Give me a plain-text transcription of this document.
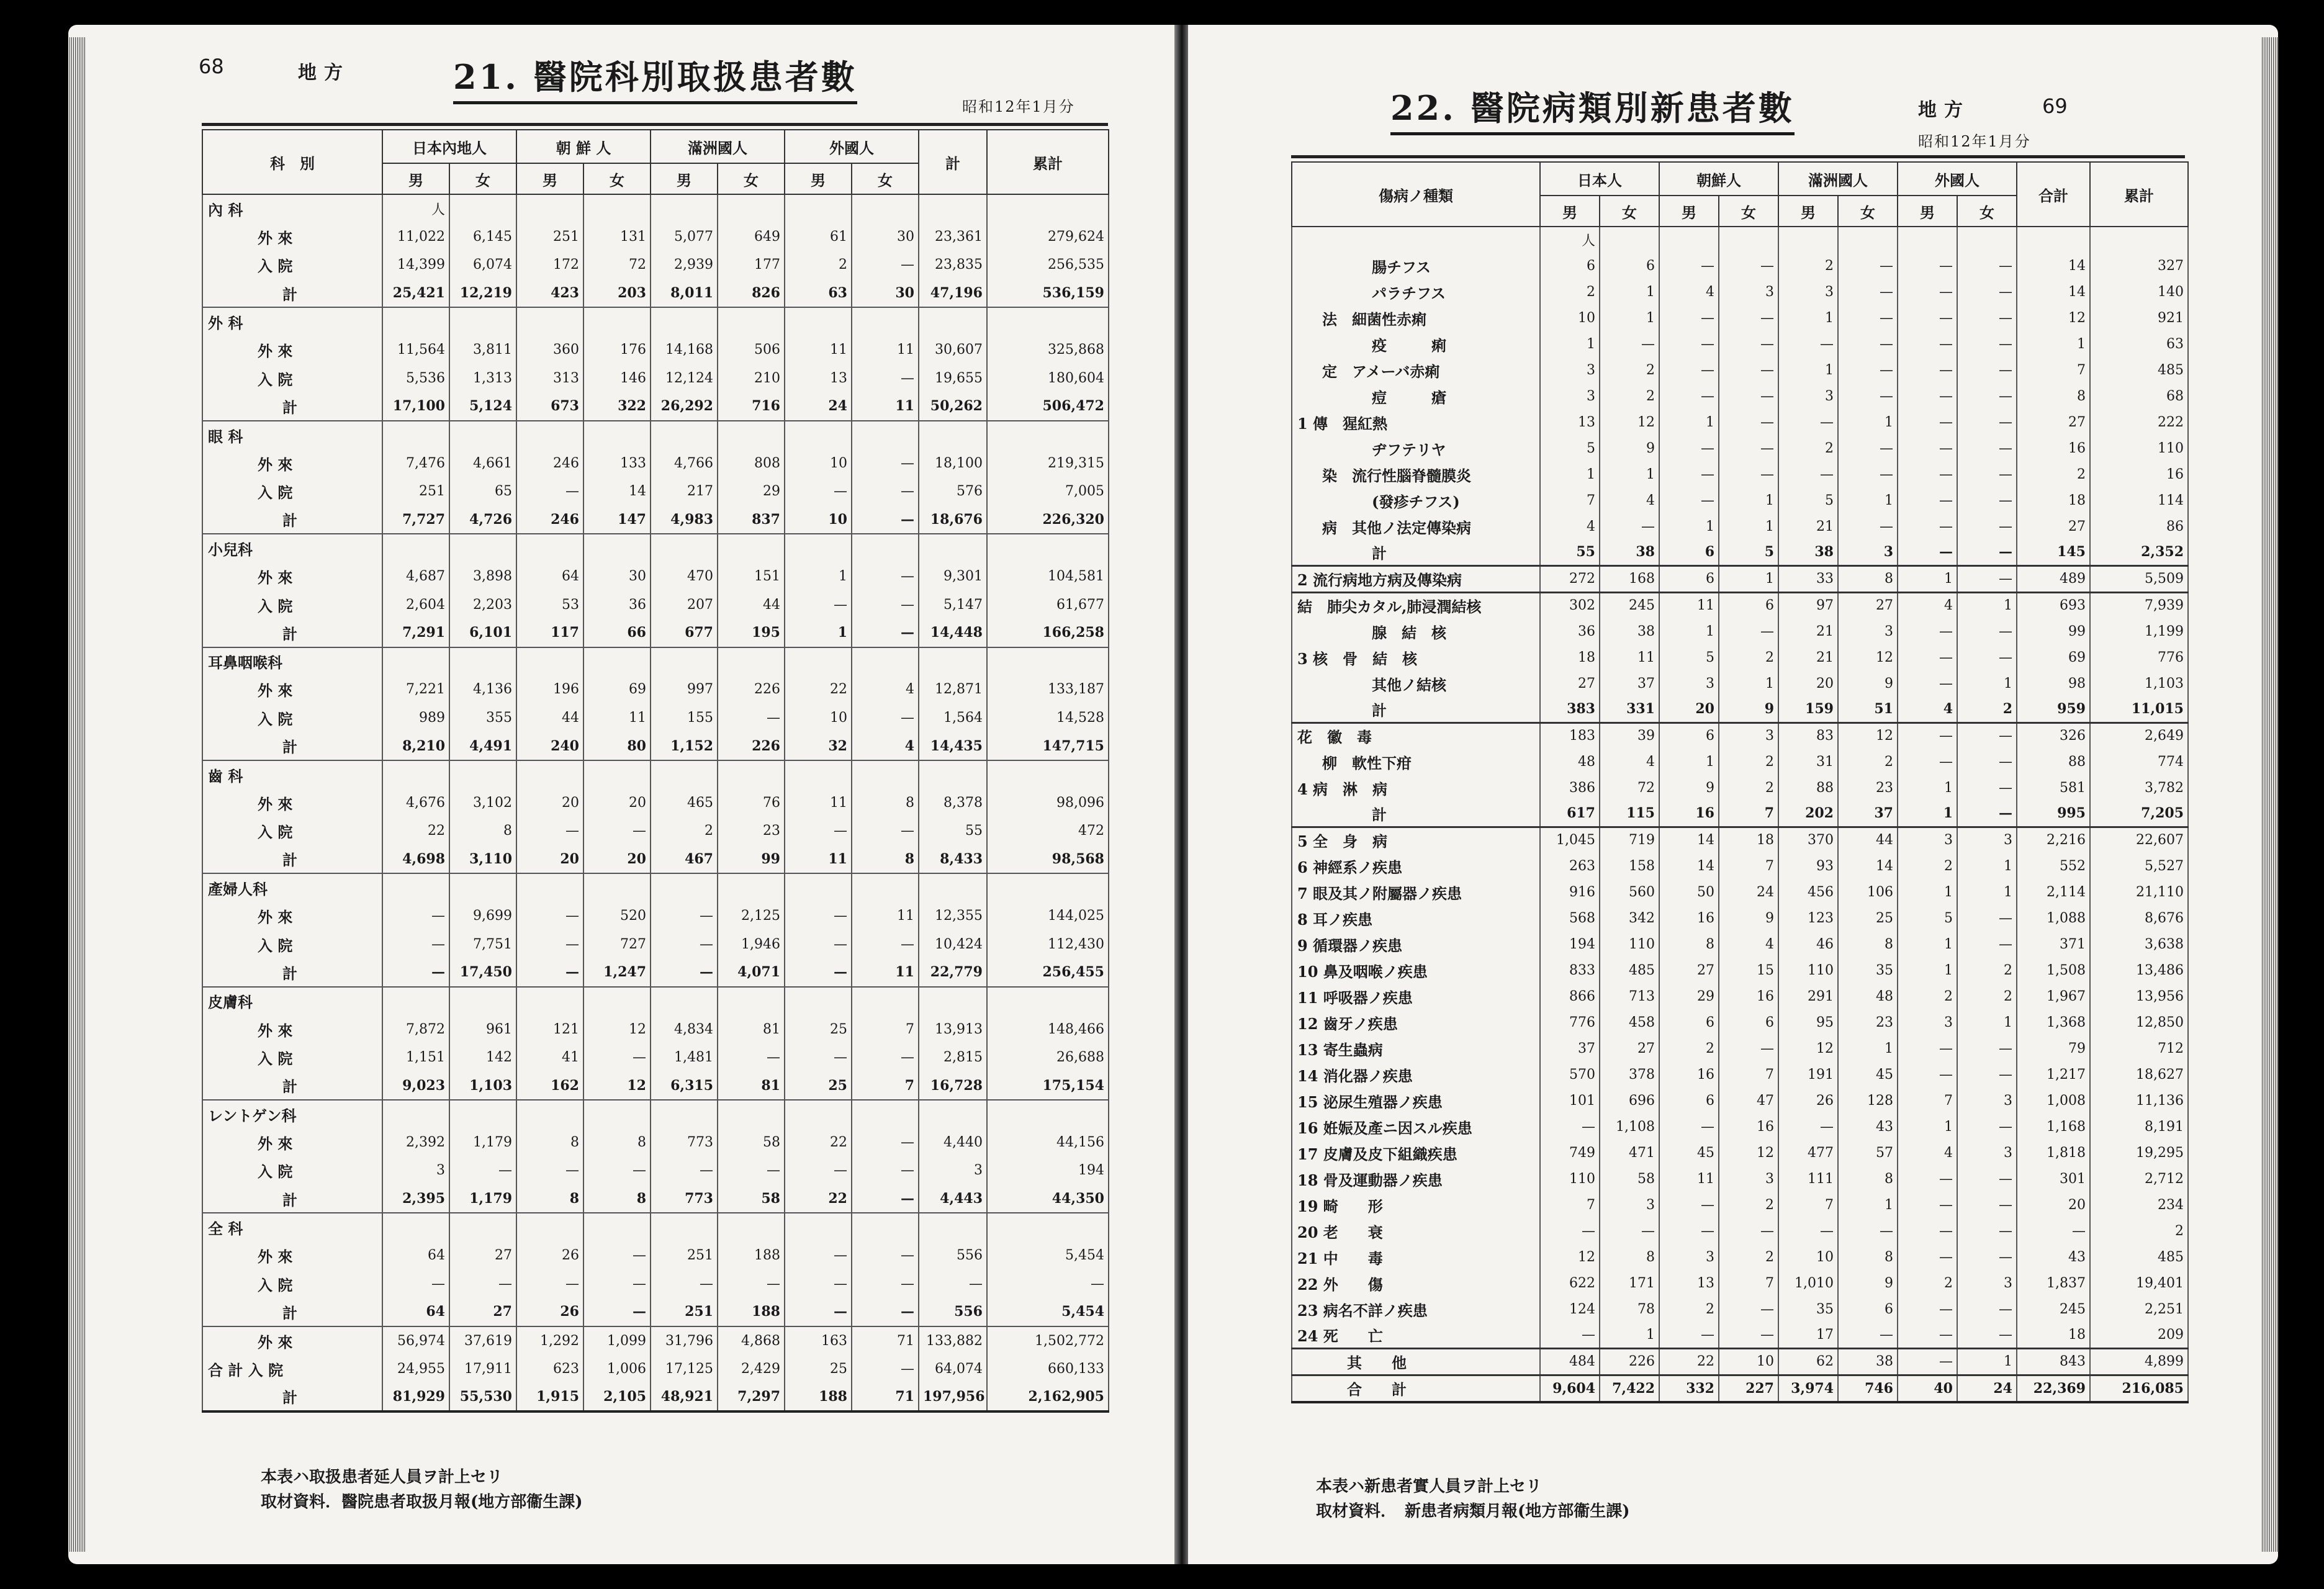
68	地方	21. 醫院科別取扱患者數
昭和12年1月分
科　別	日本內地人		朝 鮮 人		滿洲國人		外國人		計	累計
	男	女	男	女	男	女	男	女		
內 科	人									
外 來	11,022	6,145	251	131	5,077	649	61	30	23,361	279,624
入 院	14,399	6,074	172	72	2,939	177	2	—	23,835	256,535
計	25,421	12,219	423	203	8,011	826	63	30	47,196	536,159
外 科										
外 來	11,564	3,811	360	176	14,168	506	11	11	30,607	325,868
入 院	5,536	1,313	313	146	12,124	210	13	—	19,655	180,604
計	17,100	5,124	673	322	26,292	716	24	11	50,262	506,472
眼 科										
外 來	7,476	4,661	246	133	4,766	808	10	—	18,100	219,315
入 院	251	65	—	14	217	29	—	—	576	7,005
計	7,727	4,726	246	147	4,983	837	10	—	18,676	226,320
小兒科										
外 來	4,687	3,898	64	30	470	151	1	—	9,301	104,581
入 院	2,604	2,203	53	36	207	44	—	—	5,147	61,677
計	7,291	6,101	117	66	677	195	1	—	14,448	166,258
耳鼻咽喉科										
外 來	7,221	4,136	196	69	997	226	22	4	12,871	133,187
入 院	989	355	44	11	155	—	10	—	1,564	14,528
計	8,210	4,491	240	80	1,152	226	32	4	14,435	147,715
齒 科										
外 來	4,676	3,102	20	20	465	76	11	8	8,378	98,096
入 院	22	8	—	—	2	23	—	—	55	472
計	4,698	3,110	20	20	467	99	11	8	8,433	98,568
產婦人科										
外 來	—	9,699	—	520	—	2,125	—	11	12,355	144,025
入 院	—	7,751	—	727	—	1,946	—	—	10,424	112,430
計	—	17,450	—	1,247	—	4,071	—	11	22,779	256,455
皮膚科										
外 來	7,872	961	121	12	4,834	81	25	7	13,913	148,466
入 院	1,151	142	41	—	1,481	—	—	—	2,815	26,688
計	9,023	1,103	162	12	6,315	81	25	7	16,728	175,154
レントゲン科										
外 來	2,392	1,179	8	8	773	58	22	—	4,440	44,156
入 院	3	—	—	—	—	—	—	—	3	194
計	2,395	1,179	8	8	773	58	22	—	4,443	44,350
全 科										
外 來	64	27	26	—	251	188	—	—	556	5,454
入 院	—	—	—	—	—	—	—	—	—	—
計	64	27	26	—	251	188	—	—	556	5,454
外 來	56,974	37,619	1,292	1,099	31,796	4,868	163	71	133,882	1,502,772
合 計 入 院	24,955	17,911	623	1,006	17,125	2,429	25	—	64,074	660,133
計	81,929	55,530	1,915	2,105	48,921	7,297	188	71	197,956	2,162,905
本表ハ取扱患者延人員ヲ計上セリ
取材資料．醫院患者取扱月報(地方部衞生課)
22. 醫院病類別新患者數	地方	69
昭和12年1月分
傷病ノ種類	日本人		朝鮮人		滿洲國人		外國人		合計	累計
	男	女	男	女	男	女	男	女		
	人									
腸チフス	6	6	—	—	2	—	—	—	14	327
パラチフス	2	1	4	3	3	—	—	—	14	140
法　細菌性赤痢	10	1	—	—	1	—	—	—	12	921
疫　　　痢	1	—	—	—	—	—	—	—	1	63
定　アメーバ赤痢	3	2	—	—	1	—	—	—	7	485
痘　　　瘡	3	2	—	—	3	—	—	—	8	68
1 傳　猩紅熱	13	12	1	—	—	1	—	—	27	222
ヂフテリヤ	5	9	—	—	2	—	—	—	16	110
染　流行性腦脊髓膜炎	1	1	—	—	—	—	—	—	2	16
(發疹チフス)	7	4	—	1	5	1	—	—	18	114
病　其他ノ法定傳染病	4	—	1	1	21	—	—	—	27	86
計	55	38	6	5	38	3	—	—	145	2,352
2 流行病地方病及傳染病	272	168	6	1	33	8	1	—	489	5,509
結　肺尖カタル,肺浸潤結核	302	245	11	6	97	27	4	1	693	7,939
腺　結　核	36	38	1	—	21	3	—	—	99	1,199
3 核　骨　結　核	18	11	5	2	21	12	—	—	69	776
其他ノ結核	27	37	3	1	20	9	—	1	98	1,103
計	383	331	20	9	159	51	4	2	959	11,015
花　徽　毒	183	39	6	3	83	12	—	—	326	2,649
柳　軟性下疳	48	4	1	2	31	2	—	—	88	774
4 病　淋　病	386	72	9	2	88	23	1	—	581	3,782
計	617	115	16	7	202	37	1	—	995	7,205
5 全　身　病	1,045	719	14	18	370	44	3	3	2,216	22,607
6 神經系ノ疾患	263	158	14	7	93	14	2	1	552	5,527
7 眼及其ノ附屬器ノ疾患	916	560	50	24	456	106	1	1	2,114	21,110
8 耳ノ疾患	568	342	16	9	123	25	5	—	1,088	8,676
9 循環器ノ疾患	194	110	8	4	46	8	1	—	371	3,638
10 鼻及咽喉ノ疾患	833	485	27	15	110	35	1	2	1,508	13,486
11 呼吸器ノ疾患	866	713	29	16	291	48	2	2	1,967	13,956
12 齒牙ノ疾患	776	458	6	6	95	23	3	1	1,368	12,850
13 寄生蟲病	37	27	2	—	12	1	—	—	79	712
14 消化器ノ疾患	570	378	16	7	191	45	—	—	1,217	18,627
15 泌尿生殖器ノ疾患	101	696	6	47	26	128	7	3	1,008	11,136
16 姙娠及產ニ因スル疾患	—	1,108	—	16	—	43	1	—	1,168	8,191
17 皮膚及皮下組織疾患	749	471	45	12	477	57	4	3	1,818	19,295
18 骨及運動器ノ疾患	110	58	11	3	111	8	—	—	301	2,712
19 畸　　形	7	3	—	2	7	1	—	—	20	234
20 老　　衰	—	—	—	—	—	—	—	—	—	2
21 中　　毒	12	8	3	2	10	8	—	—	43	485
22 外　　傷	622	171	13	7	1,010	9	2	3	1,837	19,401
23 病名不詳ノ疾患	124	78	2	—	35	6	—	—	245	2,251
24 死　　亡	—	1	—	—	17	—	—	—	18	209
其　　他	484	226	22	10	62	38	—	1	843	4,899
合　　計	9,604	7,422	332	227	3,974	746	40	24	22,369	216,085
本表ハ新患者實人員ヲ計上セリ
取材資料．　新患者病類月報(地方部衞生課)
